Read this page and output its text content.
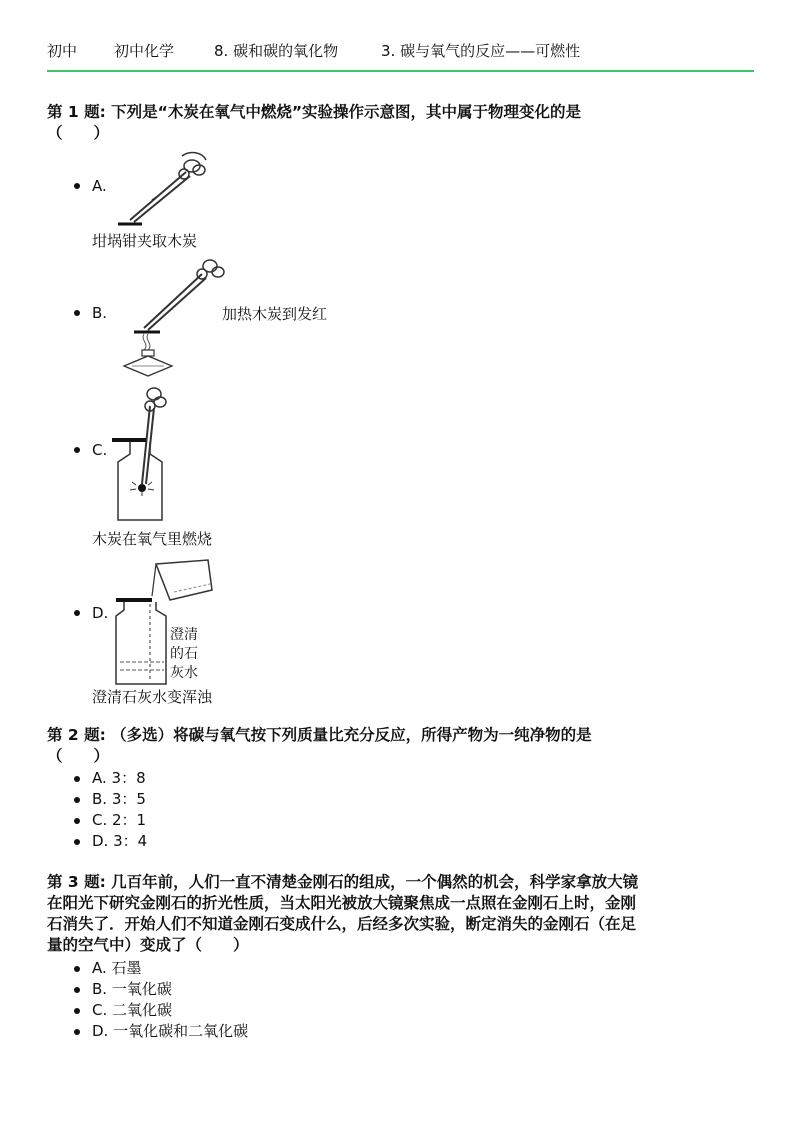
初中	初中化学	8. 碳和碳的氧化物	3. 碳与氧气的反应——可燃性
第 1 题: 下列是“木炭在氧气中燃烧”实验操作示意图，其中属于物理变化的是
（　　）
A.
坩埚钳夹取木炭
B.	加热木炭到发红
C.
木炭在氧气里燃烧
D.
澄清
的石
灰水
澄清石灰水变浑浊
第 2 题: （多选）将碳与氧气按下列质量比充分反应，所得产物为一纯净物的是
（　　）
A. 3：8
B. 3：5
C. 2：1
D. 3：4
第 3 题: 几百年前，人们一直不清楚金刚石的组成，一个偶然的机会，科学家拿放大镜
在阳光下研究金刚石的折光性质，当太阳光被放大镜聚焦成一点照在金刚石上时，金刚
石消失了．开始人们不知道金刚石变成什么，后经多次实验，断定消失的金刚石（在足
量的空气中）变成了（　　）
A. 石墨
B. 一氧化碳
C. 二氧化碳
D. 一氧化碳和二氧化碳
